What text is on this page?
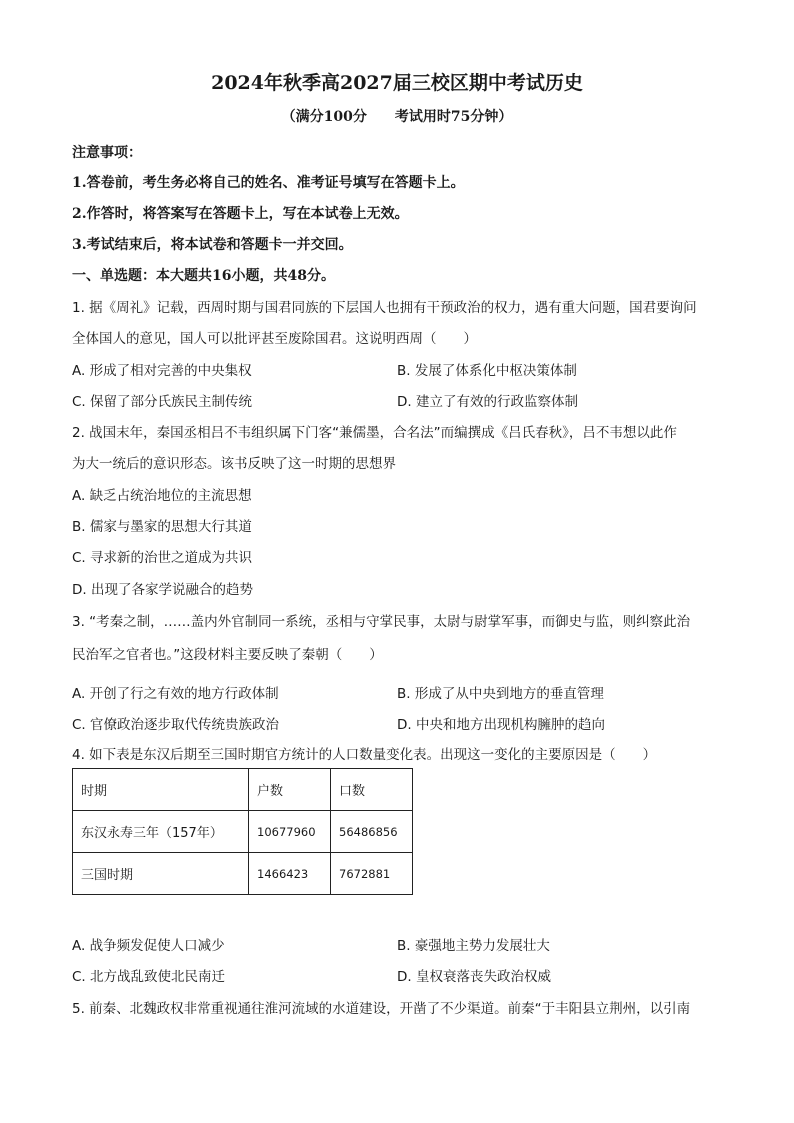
2024年秋季高2027届三校区期中考试历史
（满分100分　　考试用时75分钟）
注意事项：
1.答卷前，考生务必将自己的姓名、准考证号填写在答题卡上。
2.作答时，将答案写在答题卡上，写在本试卷上无效。
3.考试结束后，将本试卷和答题卡一并交回。
一、单选题：本大题共16小题，共48分。
1. 据《周礼》记载，西周时期与国君同族的下层国人也拥有干预政治的权力，遇有重大问题，国君要询问
全体国人的意见，国人可以批评甚至废除国君。这说明西周（　　）
A. 形成了相对完善的中央集权	B. 发展了体系化中枢决策体制
C. 保留了部分氏族民主制传统	D. 建立了有效的行政监察体制
2. 战国末年，秦国丞相吕不韦组织属下门客“兼儒墨，合名法”而编撰成《吕氏春秋》，吕不韦想以此作
为大一统后的意识形态。该书反映了这一时期的思想界
A. 缺乏占统治地位的主流思想
B. 儒家与墨家的思想大行其道
C. 寻求新的治世之道成为共识
D. 出现了各家学说融合的趋势
3. “考秦之制，……盖内外官制同一系统，丞相与守掌民事，太尉与尉掌军事，而御史与监，则纠察此治
民治军之官者也。”这段材料主要反映了秦朝（　　）
A. 开创了行之有效的地方行政体制	B. 形成了从中央到地方的垂直管理
C. 官僚政治逐步取代传统贵族政治	D. 中央和地方出现机构臃肿的趋向
4. 如下表是东汉后期至三国时期官方统计的人口数量变化表。出现这一变化的主要原因是（　　）
时期	户数	口数
东汉永寿三年（157年）	10677960	56486856
三国时期	1466423	7672881
A. 战争频发促使人口减少	B. 豪强地主势力发展壮大
C. 北方战乱致使北民南迁	D. 皇权衰落丧失政治权威
5. 前秦、北魏政权非常重视通往淮河流域的水道建设，开凿了不少渠道。前秦“于丰阳县立荆州，以引南
